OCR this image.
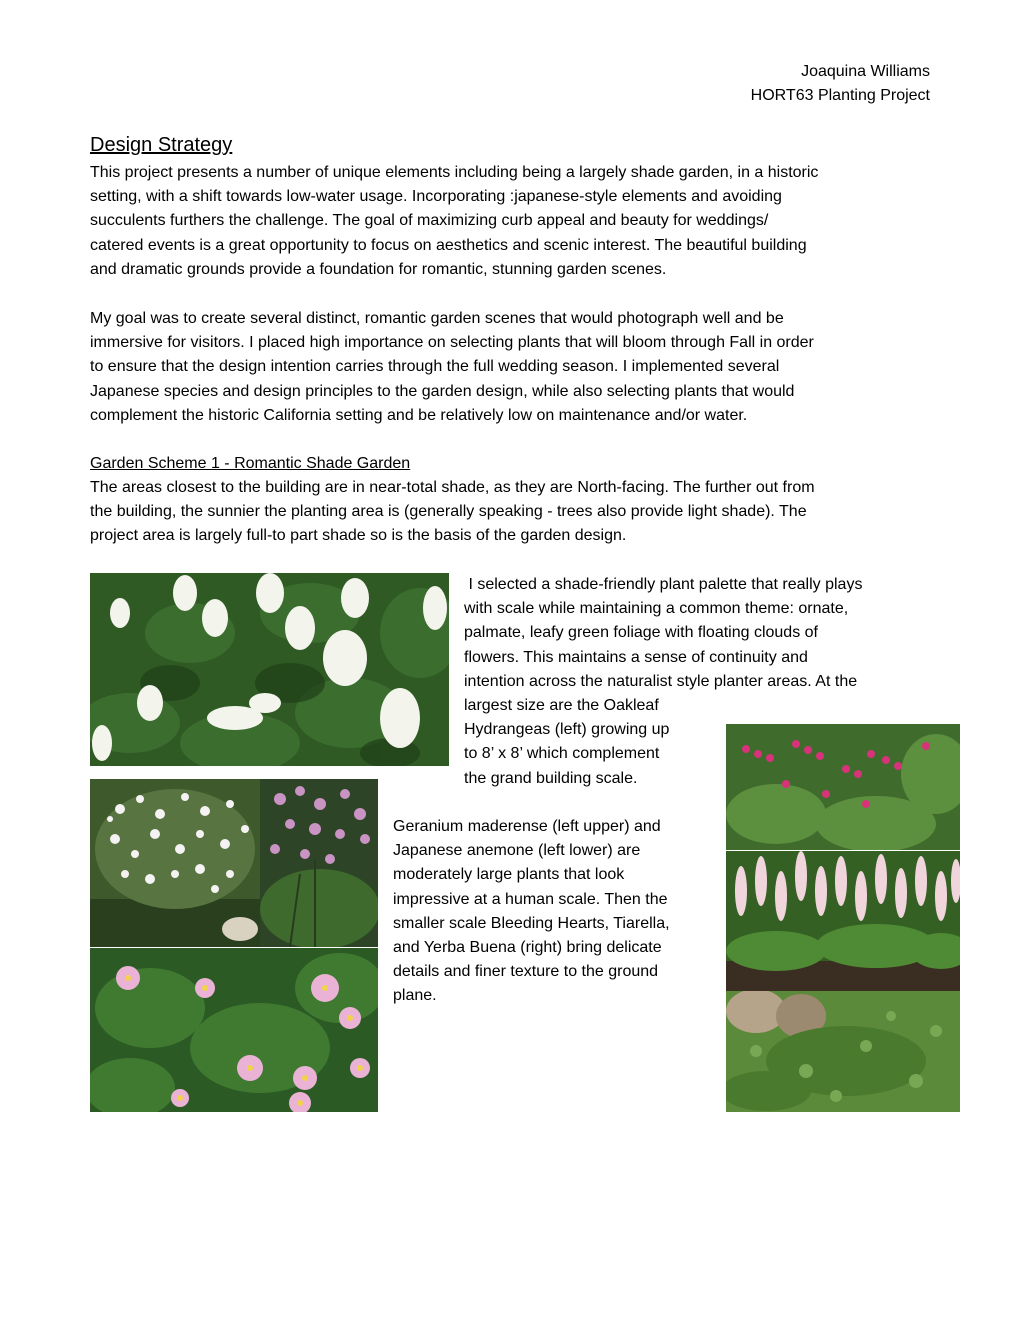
Joaquina Williams
HORT63 Planting Project
Design Strategy

This project presents a number of unique elements including being a largely shade garden, in a historic
setting, with a shift towards low-water usage. Incorporating :japanese-style elements and avoiding
succulents furthers the challenge. The goal of maximizing curb appeal and beauty for weddings/
catered events is a great opportunity to focus on aesthetics and scenic interest. The beautiful building
and dramatic grounds provide a foundation for romantic, stunning garden scenes.

My goal was to create several distinct, romantic garden scenes that would photograph well and be
immersive for visitors. I placed high importance on selecting plants that will bloom through Fall in order
to ensure that the design intention carries through the full wedding season. I implemented several
Japanese species and design principles to the garden design, while also selecting plants that would
complement the historic California setting and be relatively low on maintenance and/or water.

Garden Scheme 1 - Romantic Shade Garden

The areas closest to the building are in near-total shade, as they are North-facing. The further out from
the building, the sunnier the planting area is (generally speaking - trees also provide light shade). The
project area is largely full-to part shade so is the basis of the garden design.

I selected a shade-friendly plant palette that really plays
with scale while maintaining a common theme: ornate,
palmate, leafy green foliage with floating clouds of
flowers. This maintains a sense of continuity and
intention across the naturalist style planter areas. At the
largest size are the Oakleaf
Hydrangeas (left) growing up
to 8’ x 8’ which complement
the grand building scale.

Geranium maderense (left upper) and
Japanese anemone (left lower) are
moderately large plants that look
impressive at a human scale. Then the
smaller scale Bleeding Hearts, Tiarella,
and Yerba Buena (right) bring delicate
details and finer texture to the ground
plane.
